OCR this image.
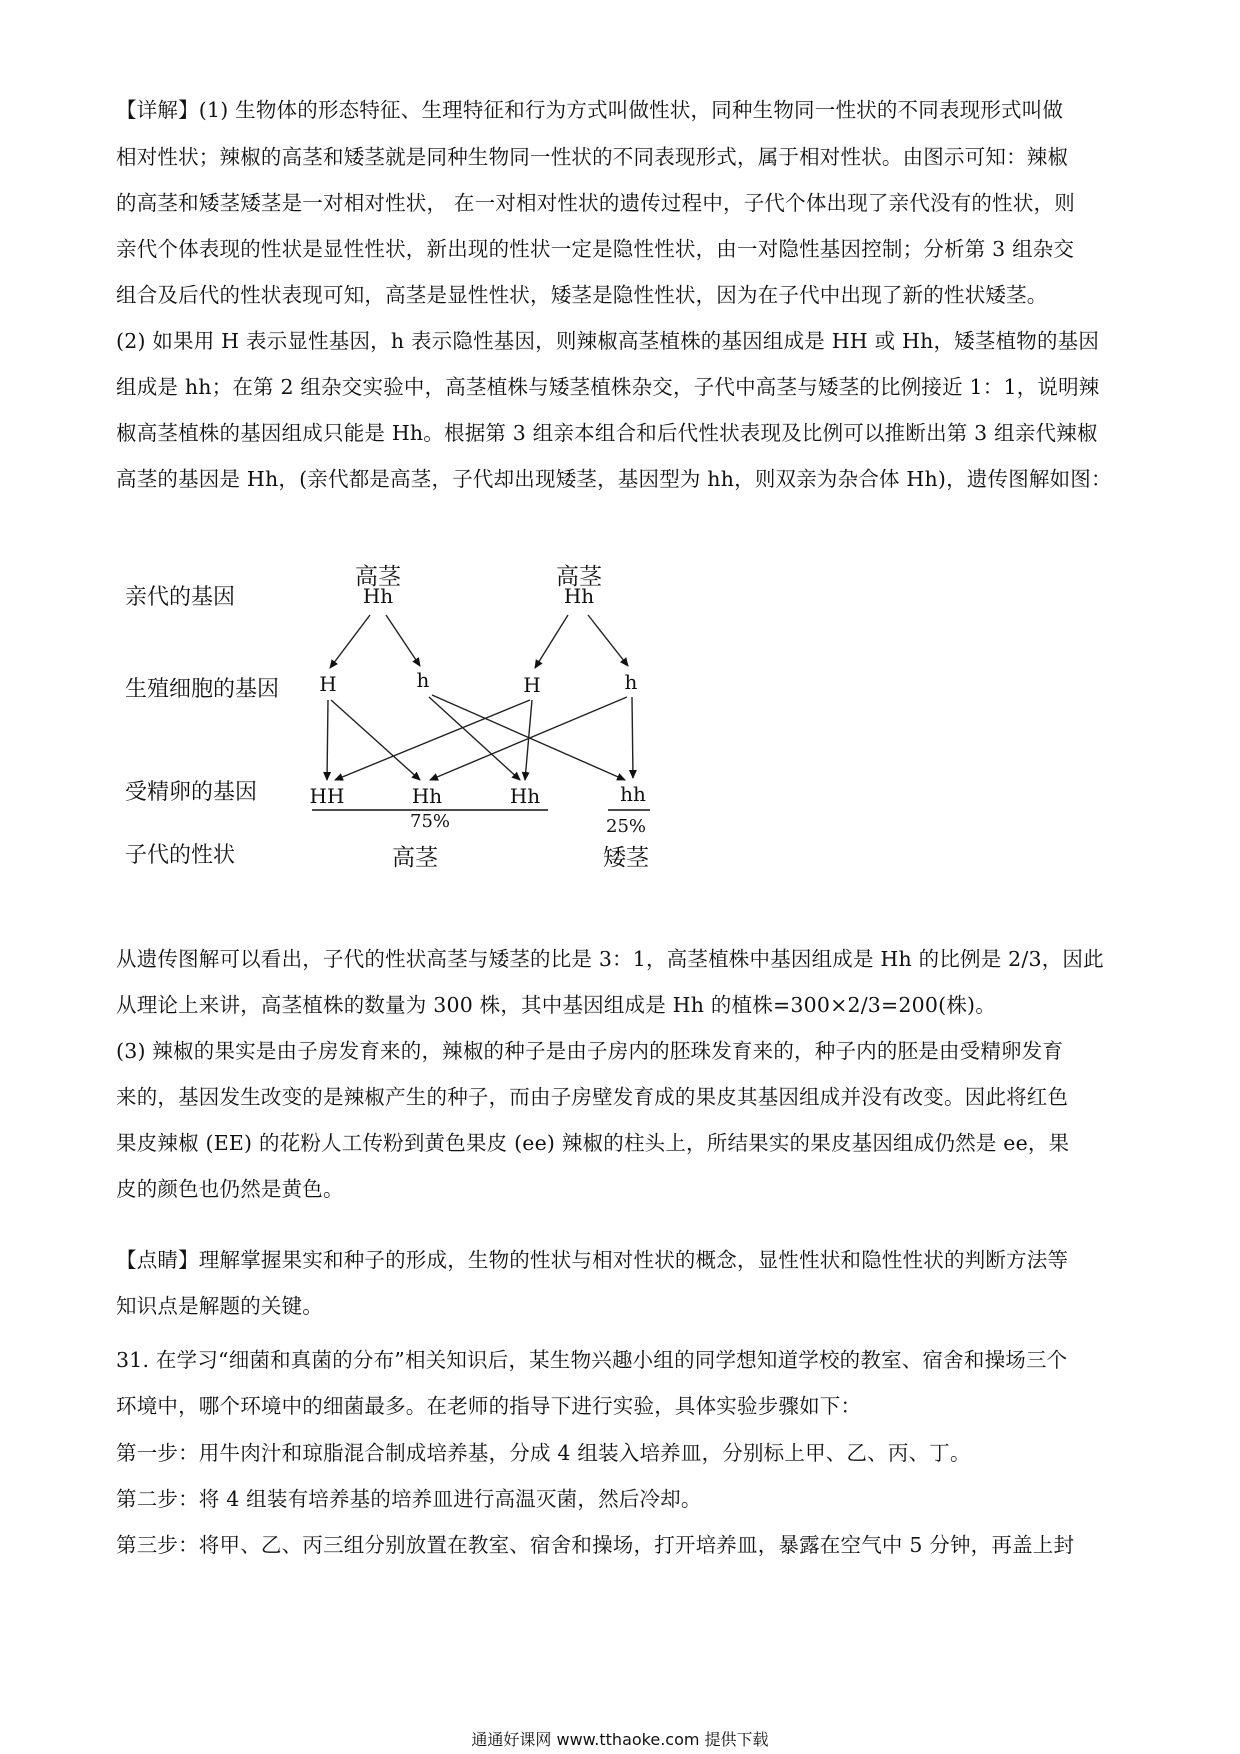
【详解】(1) 生物体的形态特征、生理特征和行为方式叫做性状，同种生物同一性状的不同表现形式叫做
相对性状；辣椒的高茎和矮茎就是同种生物同一性状的不同表现形式，属于相对性状。由图示可知：辣椒
的高茎和矮茎矮茎是一对相对性状， 在一对相对性状的遗传过程中，子代个体出现了亲代没有的性状，则
亲代个体表现的性状是显性性状，新出现的性状一定是隐性性状，由一对隐性基因控制；分析第 3 组杂交
组合及后代的性状表现可知，高茎是显性性状，矮茎是隐性性状，因为在子代中出现了新的性状矮茎。
(2) 如果用 H 表示显性基因，h 表示隐性基因，则辣椒高茎植株的基因组成是 HH 或 Hh，矮茎植物的基因
组成是 hh；在第 2 组杂交实验中，高茎植株与矮茎植株杂交，子代中高茎与矮茎的比例接近 1：1，说明辣
椒高茎植株的基因组成只能是 Hh。根据第 3 组亲本组合和后代性状表现及比例可以推断出第 3 组亲代辣椒
高茎的基因是 Hh，(亲代都是高茎，子代却出现矮茎，基因型为 hh，则双亲为杂合体 Hh)，遗传图解如图：
亲代的基因
生殖细胞的基因
受精卵的基因
子代的性状
高茎
Hh
高茎
Hh
H	h	H	h
HH	Hh	Hh	hh
75%	25%
高茎	矮茎
从遗传图解可以看出，子代的性状高茎与矮茎的比是 3：1，高茎植株中基因组成是 Hh 的比例是 2/3，因此
从理论上来讲，高茎植株的数量为 300 株，其中基因组成是 Hh 的植株=300×2/3=200(株)。
(3) 辣椒的果实是由子房发育来的，辣椒的种子是由子房内的胚珠发育来的，种子内的胚是由受精卵发育
来的，基因发生改变的是辣椒产生的种子，而由子房壁发育成的果皮其基因组成并没有改变。因此将红色
果皮辣椒 (EE) 的花粉人工传粉到黄色果皮 (ee) 辣椒的柱头上，所结果实的果皮基因组成仍然是 ee，果
皮的颜色也仍然是黄色。
【点睛】理解掌握果实和种子的形成，生物的性状与相对性状的概念，显性性状和隐性性状的判断方法等
知识点是解题的关键。
31. 在学习“细菌和真菌的分布”相关知识后，某生物兴趣小组的同学想知道学校的教室、宿舍和操场三个
环境中，哪个环境中的细菌最多。在老师的指导下进行实验，具体实验步骤如下：
第一步：用牛肉汁和琼脂混合制成培养基，分成 4 组装入培养皿，分别标上甲、乙、丙、丁。
第二步：将 4 组装有培养基的培养皿进行高温灭菌，然后冷却。
第三步：将甲、乙、丙三组分别放置在教室、宿舍和操场，打开培养皿，暴露在空气中 5 分钟，再盖上封
通通好课网 www.tthaoke.com 提供下载
